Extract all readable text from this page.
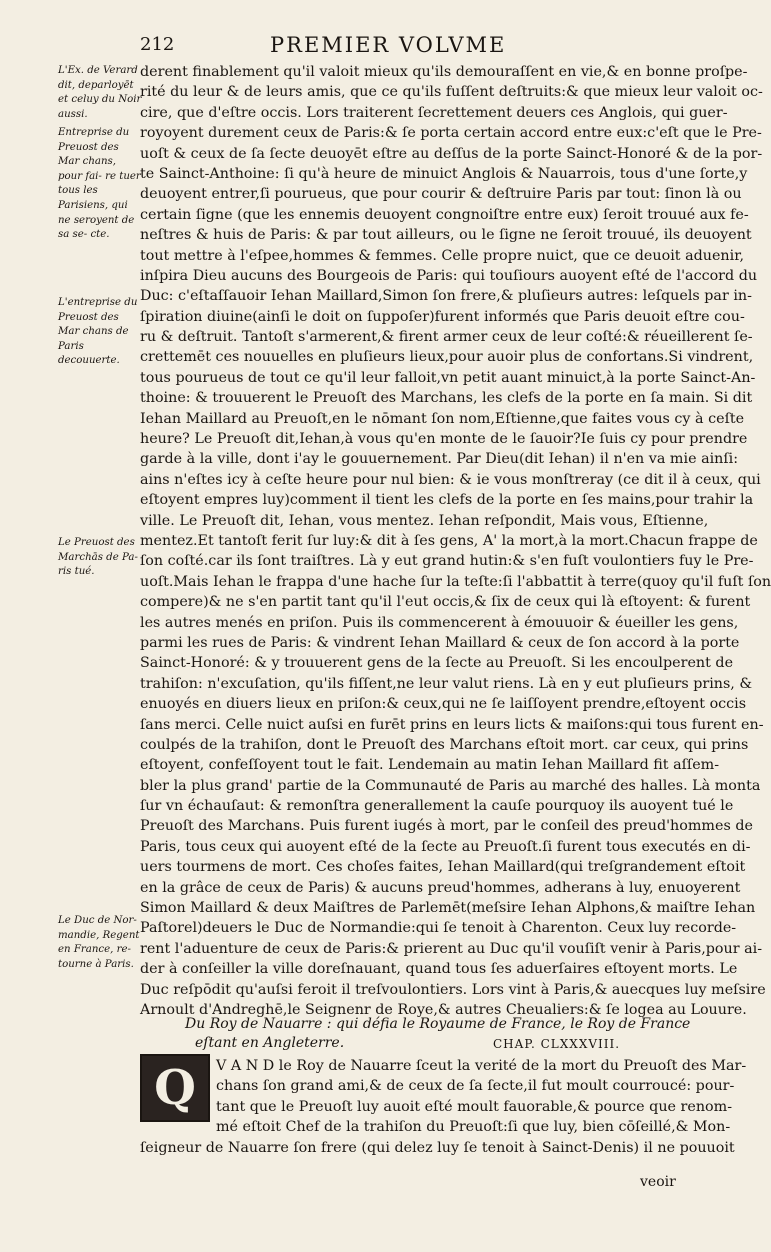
212	PREMIER VOLVME
L'Ex. de Verard dit, deparloyēt et celuy du Noir aussi.
Entreprise du Preuost des Mar chans, pour fai- re tuer tous les Parisiens, qui ne seroyent de sa se- cte.
L'entreprise du Preuost des Mar chans de Paris decouuerte.
Le Preuost des Marchās de Pa- ris tué.
Le Duc de Nor- mandie, Regent en France, re- tourne à Paris.
derent finablement qu'il valoit mieux qu'ils demouraſſent en vie,& en bonne proſpe-
rité du leur & de leurs amis, que ce qu'ils fuſſent deſtruits:& que mieux leur valoit oc-
cire, que d'eſtre occis. Lors traiterent ſecrettement deuers ces Anglois, qui guer-
royoyent durement ceux de Paris:& ſe porta certain accord entre eux:c'eſt que le Pre-
uoſt & ceux de ſa ſecte deuoyēt eſtre au deſſus de la porte Sainct-Honoré & de la por-
te Sainct-Anthoine: ſi qu'à heure de minuict Anglois & Nauarrois, tous d'une ſorte,y
deuoyent entrer,ſi pourueus, que pour courir & deſtruire Paris par tout: ſinon là ou
certain ſigne (que les ennemis deuoyent congnoiſtre entre eux) ſeroit trouué aux fe-
neſtres & huis de Paris: & par tout ailleurs, ou le ſigne ne ſeroit trouué, ils deuoyent
tout mettre à l'eſpee,hommes & femmes. Celle propre nuict, que ce deuoit aduenir,
inſpira Dieu aucuns des Bourgeois de Paris: qui touſiours auoyent eſté de l'accord du
Duc: c'eſtaſſauoir Iehan Maillard,Simon ſon frere,& pluſieurs autres: leſquels par in-
ſpiration diuine(ainſi le doit on ſuppoſer)furent informés que Paris deuoit eſtre cou-
ru & deſtruit. Tantoſt s'armerent,& firent armer ceux de leur coſté:& réueillerent ſe-
crettemēt ces nouuelles en pluſieurs lieux,pour auoir plus de confortans.Si vindrent,
tous pourueus de tout ce qu'il leur falloit,vn petit auant minuict,à la porte Sainct-An-
thoine: & trouuerent le Preuoſt des Marchans, les clefs de la porte en ſa main. Si dit
Iehan Maillard au Preuoſt,en le nōmant ſon nom,Eſtienne,que faites vous cy à ceſte
heure? Le Preuoſt dit,Iehan,à vous qu'en monte de le ſauoir?Ie ſuis cy pour prendre
garde à la ville, dont i'ay le gouuernement. Par Dieu(dit Iehan) il n'en va mie ainſi:
ains n'eſtes icy à ceſte heure pour nul bien: & ie vous monſtreray (ce dit il à ceux, qui
eſtoyent empres luy)comment il tient les clefs de la porte en ſes mains,pour trahir la
ville. Le Preuoſt dit, Iehan, vous mentez. Iehan reſpondit, Mais vous, Eſtienne,
mentez.Et tantoſt ferit ſur luy:& dit à ſes gens, A' la mort,à la mort.Chacun frappe de
ſon coſté.car ils ſont traiſtres. Là y eut grand hutin:& s'en fuſt voulontiers fuy le Pre-
uoſt.Mais Iehan le frappa d'une hache ſur la teſte:ſi l'abbattit à terre(quoy qu'il fuſt ſon
compere)& ne s'en partit tant qu'il l'eut occis,& ſix de ceux qui là eſtoyent: & furent
les autres menés en priſon. Puis ils commencerent à émouuoir & éueiller les gens,
parmi les rues de Paris: & vindrent Iehan Maillard & ceux de ſon accord à la porte
Sainct-Honoré: & y trouuerent gens de la ſecte au Preuoſt. Si les encoulperent de
trahiſon: n'excuſation, qu'ils fiſſent,ne leur valut riens. Là en y eut pluſieurs prins, &
enuoyés en diuers lieux en priſon:& ceux,qui ne ſe laiſſoyent prendre,eſtoyent occis
ſans merci. Celle nuict auſsi en furēt prins en leurs licts & maiſons:qui tous furent en-
coulpés de la trahiſon, dont le Preuoſt des Marchans eſtoit mort. car ceux, qui prins
eſtoyent, confeſſoyent tout le fait. Lendemain au matin Iehan Maillard fit aſſem-
bler la plus grand' partie de la Communauté de Paris au marché des halles. Là monta
ſur vn échauſaut: & remonſtra generallement la cauſe pourquoy ils auoyent tué le
Preuoſt des Marchans. Puis furent iugés à mort, par le conſeil des preud'hommes de
Paris, tous ceux qui auoyent eſté de la ſecte au Preuoſt.ſi furent tous executés en di-
uers tourmens de mort. Ces choſes faites, Iehan Maillard(qui treſgrandement eſtoit
en la grâce de ceux de Paris) & aucuns preud'hommes, adherans à luy, enuoyerent
Simon Maillard & deux Maiſtres de Parlemēt(meſsire Iehan Alphons,& maiſtre Iehan
Paſtorel)deuers le Duc de Normandie:qui ſe tenoit à Charenton. Ceux luy recorde-
rent l'aduenture de ceux de Paris:& prierent au Duc qu'il vouſiſt venir à Paris,pour ai-
der à conſeiller la ville doreſnauant, quand tous ſes aduerſaires eſtoyent morts. Le
Duc reſpōdit qu'auſsi feroit il treſvoulontiers. Lors vint à Paris,& auecques luy meſsire
Arnoult d'Andreghē,le Seignenr de Roye,& autres Cheualiers:& ſe logea au Louure.
Du Roy de Nauarre : qui défia le Royaume de France, le Roy de France
eſtant en Angleterre.	CHAP. CLXXXVIII.
Q V A N D le Roy de Nauarre ſceut la verité de la mort du Preuoſt des Mar-
chans ſon grand ami,& de ceux de ſa ſecte,il fut moult courroucé: pour-
tant que le Preuoſt luy auoit eſté moult fauorable,& pource que renom-
mé eſtoit Chef de la trahiſon du Preuoſt:ſi que luy, bien cōſeillé,& Mon-
ſeigneur de Nauarre ſon frere (qui delez luy ſe tenoit à Sainct-Denis) il ne pouuoit
veoir
